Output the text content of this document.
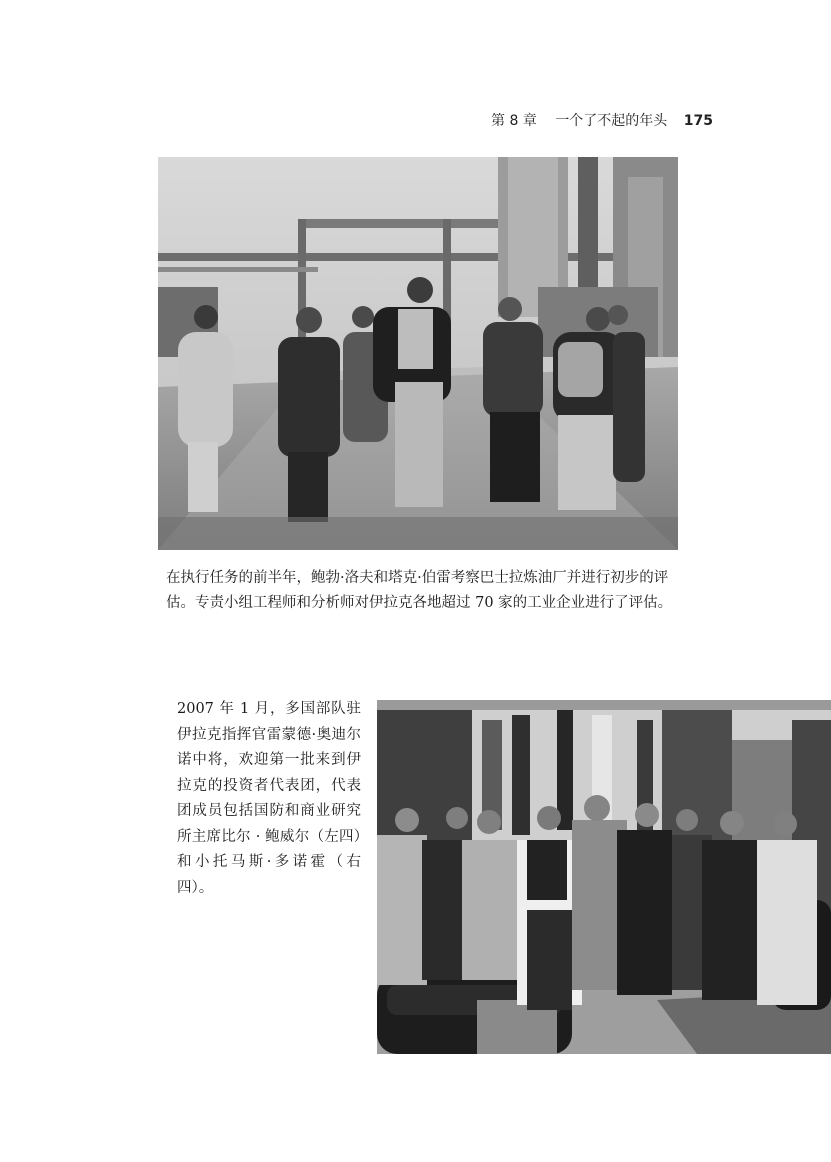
第 8 章 一个了不起的年头 175
在执行任务的前半年，鲍勃·洛夫和塔克·伯雷考察巴士拉炼油厂并进行初步的评估。专责小组工程师和分析师对伊拉克各地超过 70 家的工业企业进行了评估。
2007 年 1 月，多国部队驻伊拉克指挥官雷蒙德·奥迪尔诺中将，欢迎第一批来到伊拉克的投资者代表团，代表团成员包括国防和商业研究所主席比尔 · 鲍威尔（左四）和小托马斯·多诺霍（右四）。
